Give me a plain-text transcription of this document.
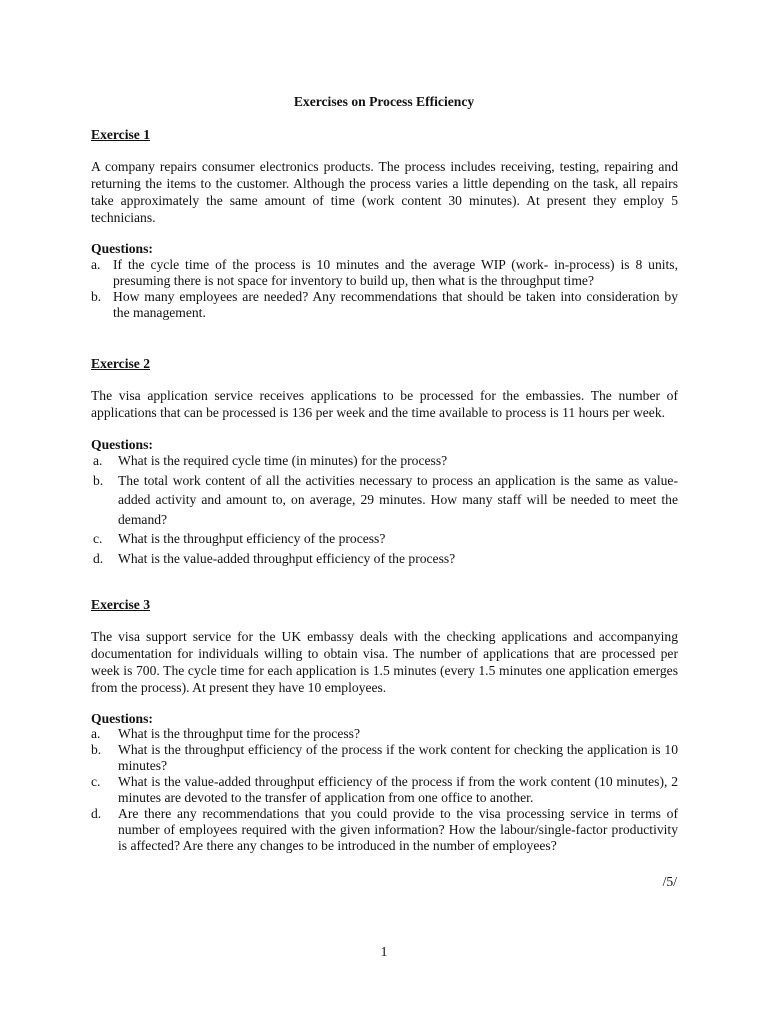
Exercises on Process Efficiency
Exercise 1
A company repairs consumer electronics products. The process includes receiving, testing, repairing and returning the items to the customer. Although the process varies a little depending on the task, all repairs take approximately the same amount of time (work content 30 minutes). At present they employ 5 technicians.
Questions:
a. If the cycle time of the process is 10 minutes and the average WIP (work- in-process) is 8 units, presuming there is not space for inventory to build up, then what is the throughput time?
b. How many employees are needed? Any recommendations that should be taken into consideration by the management.
Exercise 2
The visa application service receives applications to be processed for the embassies. The number of applications that can be processed is 136 per week and the time available to process is 11 hours per week.
Questions:
a. What is the required cycle time (in minutes) for the process?
b. The total work content of all the activities necessary to process an application is the same as value-added activity and amount to, on average, 29 minutes. How many staff will be needed to meet the demand?
c. What is the throughput efficiency of the process?
d. What is the value-added throughput efficiency of the process?
Exercise 3
The visa support service for the UK embassy deals with the checking applications and accompanying documentation for individuals willing to obtain visa. The number of applications that are processed per week is 700. The cycle time for each application is 1.5 minutes (every 1.5 minutes one application emerges from the process). At present they have 10 employees.
Questions:
a. What is the throughput time for the process?
b. What is the throughput efficiency of the process if the work content for checking the application is 10 minutes?
c. What is the value-added throughput efficiency of the process if from the work content (10 minutes), 2 minutes are devoted to the transfer of application from one office to another.
d. Are there any recommendations that you could provide to the visa processing service in terms of number of employees required with the given information? How the labour/single-factor productivity is affected? Are there any changes to be introduced in the number of employees?
/5/
1
